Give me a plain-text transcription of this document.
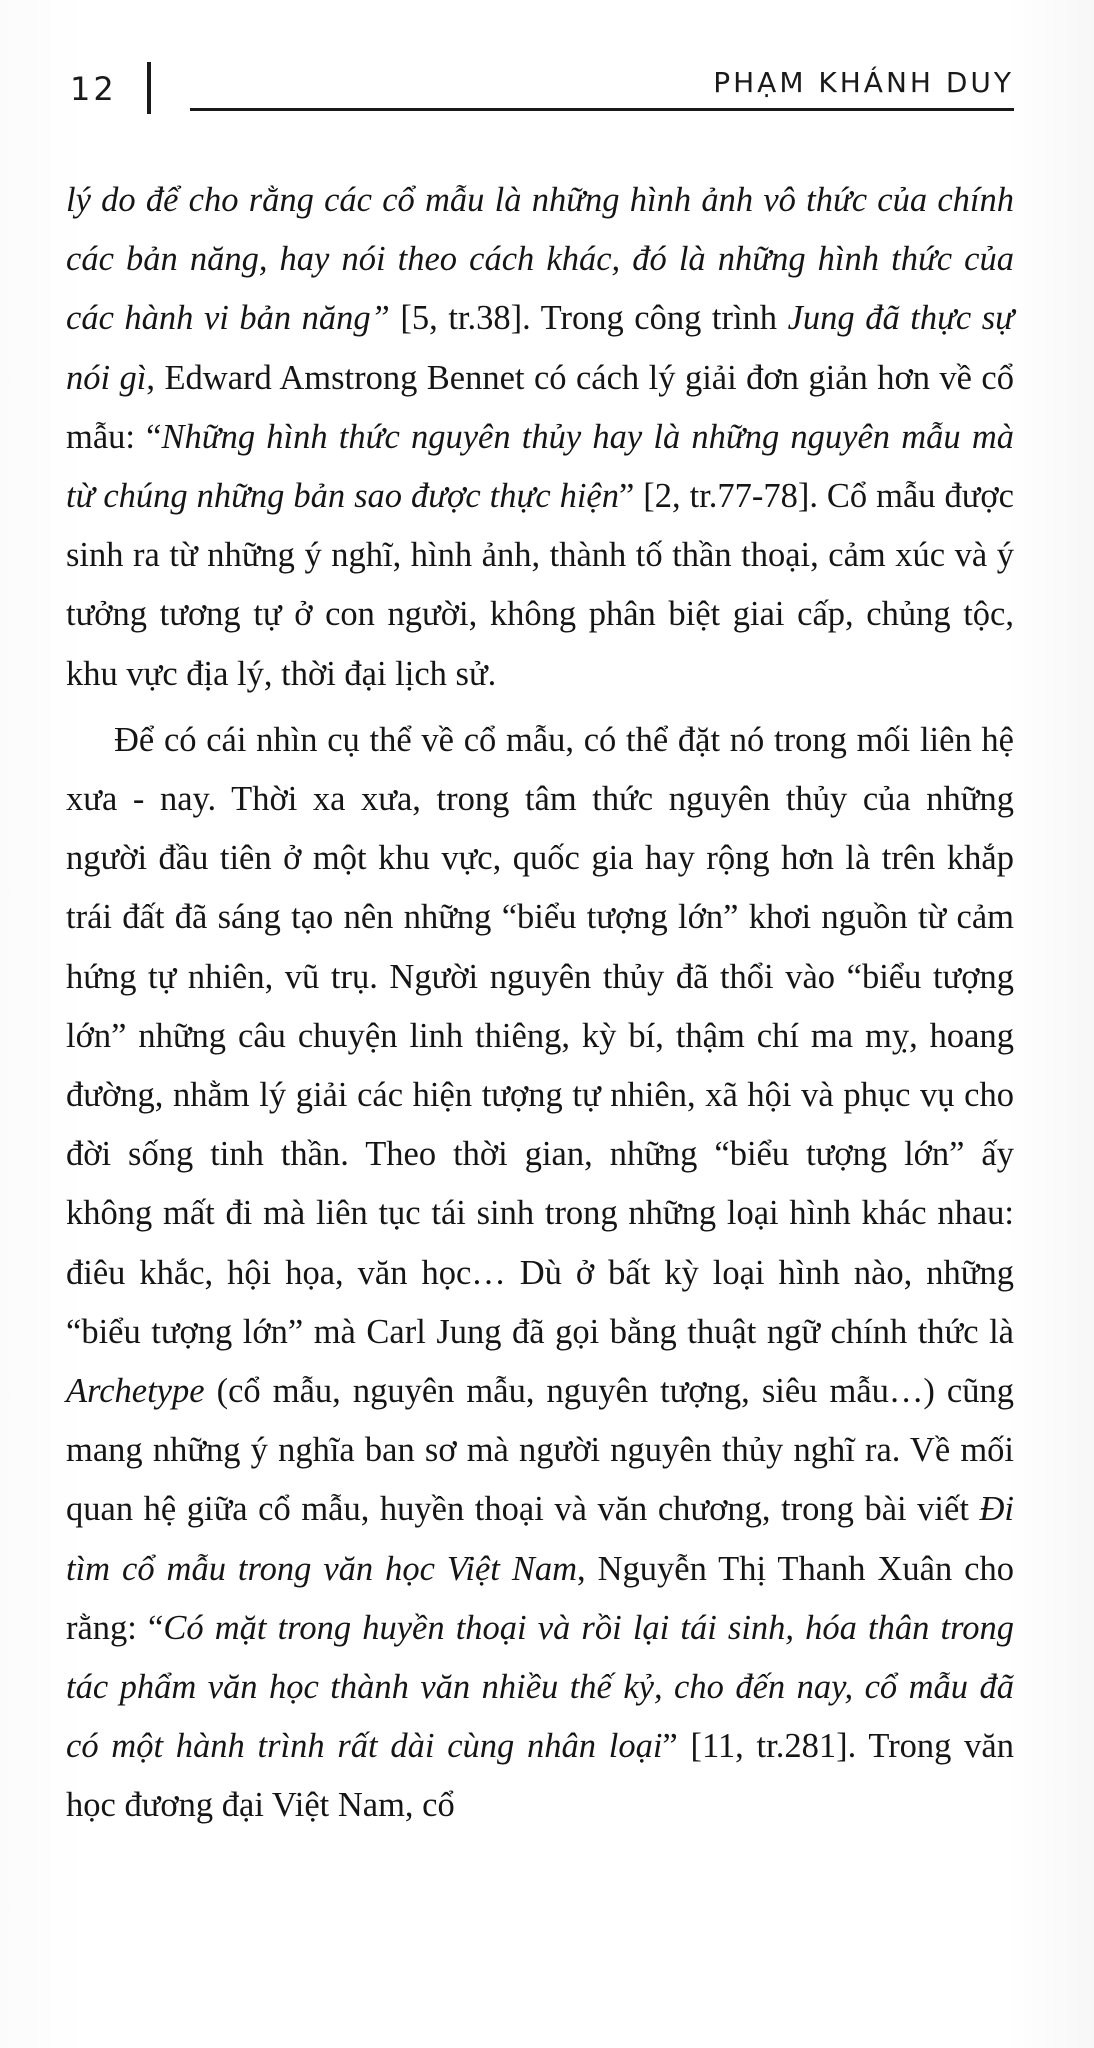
12	PHẠM KHÁNH DUY

lý do để cho rằng các cổ mẫu là những hình ảnh vô thức của chính các bản năng, hay nói theo cách khác, đó là những hình thức của các hành vi bản năng” [5, tr.38]. Trong công trình Jung đã thực sự nói gì, Edward Amstrong Bennet có cách lý giải đơn giản hơn về cổ mẫu: “Những hình thức nguyên thủy hay là những nguyên mẫu mà từ chúng những bản sao được thực hiện” [2, tr.77-78]. Cổ mẫu được sinh ra từ những ý nghĩ, hình ảnh, thành tố thần thoại, cảm xúc và ý tưởng tương tự ở con người, không phân biệt giai cấp, chủng tộc, khu vực địa lý, thời đại lịch sử.

Để có cái nhìn cụ thể về cổ mẫu, có thể đặt nó trong mối liên hệ xưa - nay. Thời xa xưa, trong tâm thức nguyên thủy của những người đầu tiên ở một khu vực, quốc gia hay rộng hơn là trên khắp trái đất đã sáng tạo nên những “biểu tượng lớn” khơi nguồn từ cảm hứng tự nhiên, vũ trụ. Người nguyên thủy đã thổi vào “biểu tượng lớn” những câu chuyện linh thiêng, kỳ bí, thậm chí ma mỵ, hoang đường, nhằm lý giải các hiện tượng tự nhiên, xã hội và phục vụ cho đời sống tinh thần. Theo thời gian, những “biểu tượng lớn” ấy không mất đi mà liên tục tái sinh trong những loại hình khác nhau: điêu khắc, hội họa, văn học… Dù ở bất kỳ loại hình nào, những “biểu tượng lớn” mà Carl Jung đã gọi bằng thuật ngữ chính thức là Archetype (cổ mẫu, nguyên mẫu, nguyên tượng, siêu mẫu…) cũng mang những ý nghĩa ban sơ mà người nguyên thủy nghĩ ra. Về mối quan hệ giữa cổ mẫu, huyền thoại và văn chương, trong bài viết Đi tìm cổ mẫu trong văn học Việt Nam, Nguyễn Thị Thanh Xuân cho rằng: “Có mặt trong huyền thoại và rồi lại tái sinh, hóa thân trong tác phẩm văn học thành văn nhiều thế kỷ, cho đến nay, cổ mẫu đã có một hành trình rất dài cùng nhân loại” [11, tr.281]. Trong văn học đương đại Việt Nam, cổ
